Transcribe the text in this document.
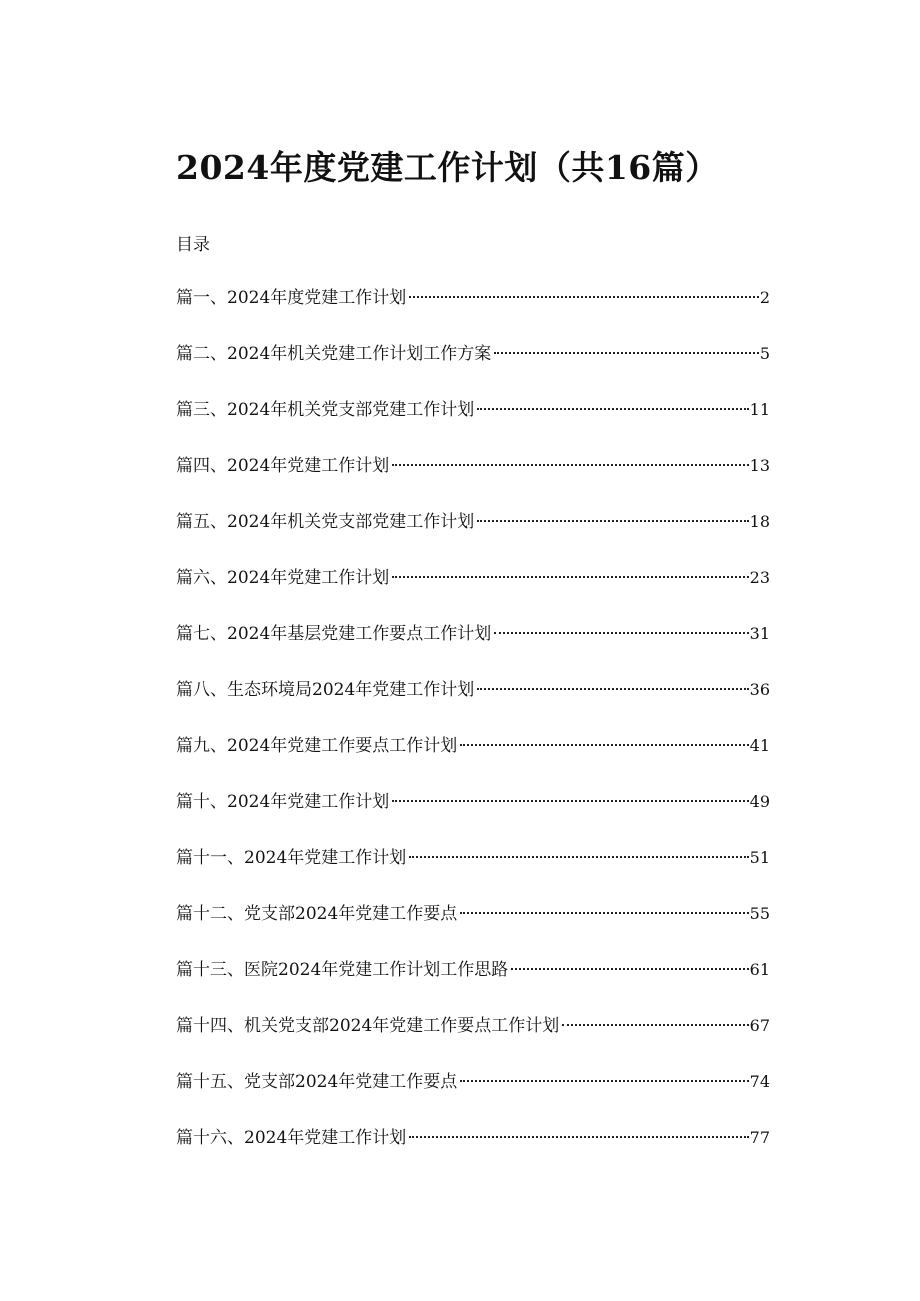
2024年度党建工作计划（共16篇）

目录

篇一、2024年度党建工作计划	2
篇二、2024年机关党建工作计划工作方案	5
篇三、2024年机关党支部党建工作计划	11
篇四、2024年党建工作计划	13
篇五、2024年机关党支部党建工作计划	18
篇六、2024年党建工作计划	23
篇七、2024年基层党建工作要点工作计划	31
篇八、生态环境局2024年党建工作计划	36
篇九、2024年党建工作要点工作计划	41
篇十、2024年党建工作计划	49
篇十一、2024年党建工作计划	51
篇十二、党支部2024年党建工作要点	55
篇十三、医院2024年党建工作计划工作思路	61
篇十四、机关党支部2024年党建工作要点工作计划	67
篇十五、党支部2024年党建工作要点	74
篇十六、2024年党建工作计划	77
